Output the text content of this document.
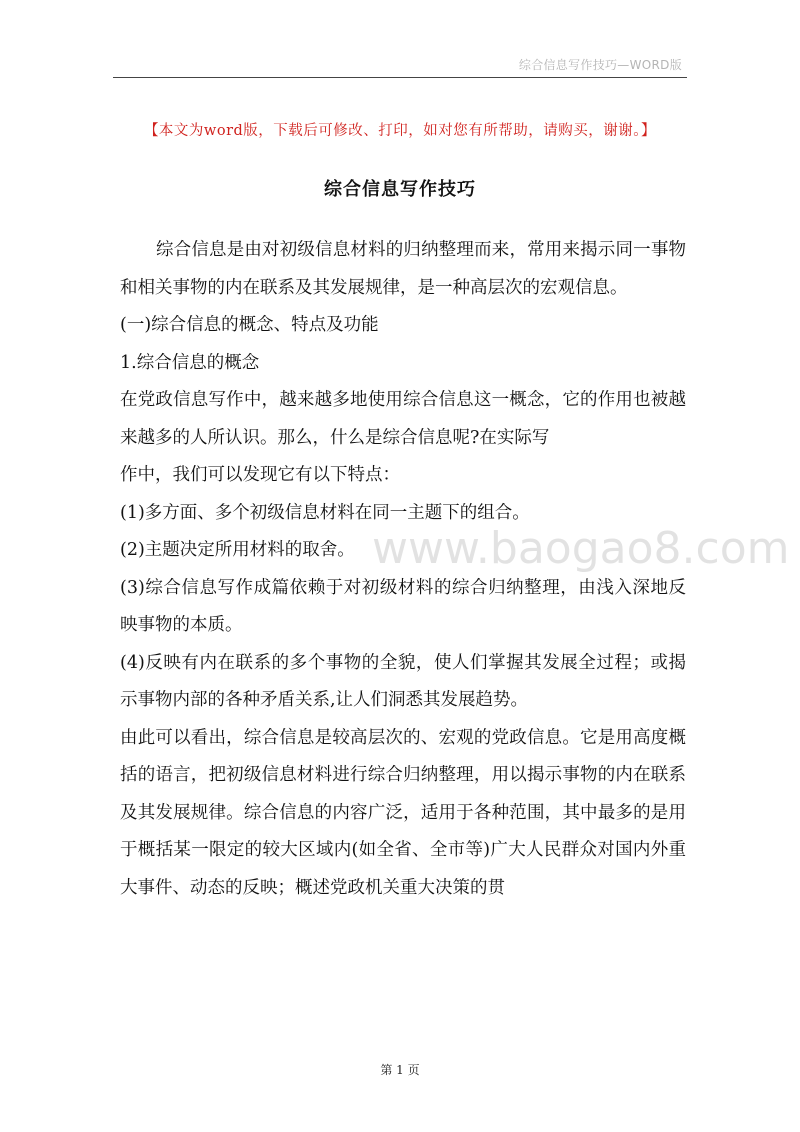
综合信息写作技巧—WORD版
【本文为word版，下载后可修改、打印，如对您有所帮助，请购买，谢谢。】
综合信息写作技巧

综合信息是由对初级信息材料的归纳整理而来，常用来揭示同一事物和相关事物的内在联系及其发展规律，是一种高层次的宏观信息。

(一)综合信息的概念、特点及功能

1.综合信息的概念

在党政信息写作中，越来越多地使用综合信息这一概念，它的作用也被越来越多的人所认识。那么，什么是综合信息呢?在实际写

作中，我们可以发现它有以下特点：

(1)多方面、多个初级信息材料在同一主题下的组合。

(2)主题决定所用材料的取舍。

(3)综合信息写作成篇依赖于对初级材料的综合归纳整理，由浅入深地反映事物的本质。

(4)反映有内在联系的多个事物的全貌，使人们掌握其发展全过程；或揭示事物内部的各种矛盾关系,让人们洞悉其发展趋势。

由此可以看出，综合信息是较高层次的、宏观的党政信息。它是用高度概括的语言，把初级信息材料进行综合归纳整理，用以揭示事物的内在联系及其发展规律。综合信息的内容广泛，适用于各种范围，其中最多的是用于概括某一限定的较大区域内(如全省、全市等)广大人民群众对国内外重大事件、动态的反映；概述党政机关重大决策的贯

www.baogao8.com
第 1 页
